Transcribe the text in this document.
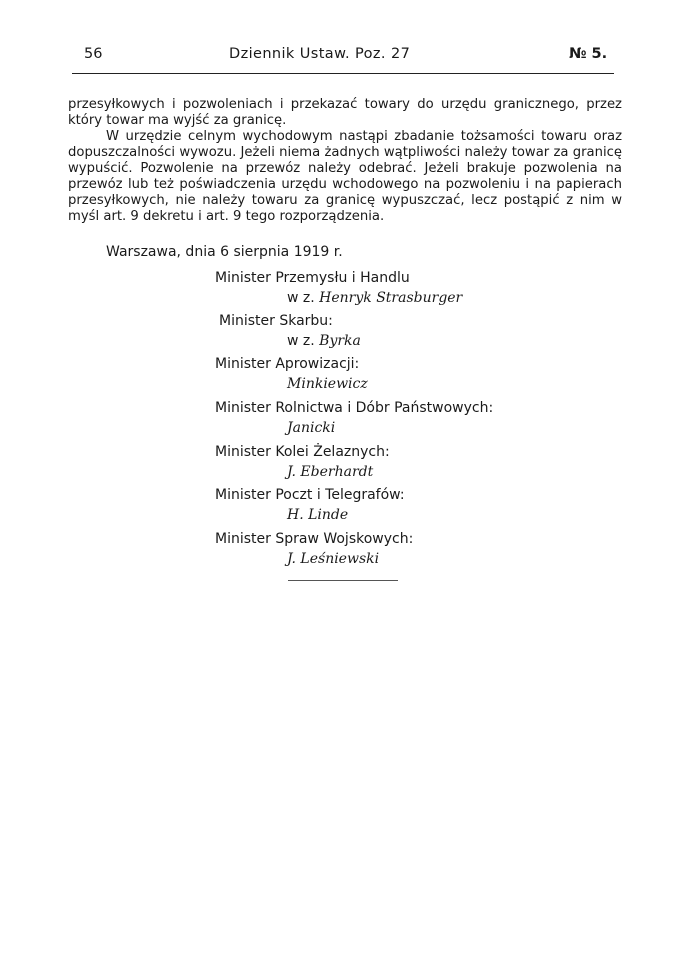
56	Dziennik Ustaw. Poz. 27	№ 5.

przesyłkowych i pozwoleniach i przekazać towary do urzędu granicznego, przez który towar ma wyjść za granicę.

W urzędzie celnym wychodowym nastąpi zbadanie tożsamości towaru oraz dopuszczalności wywozu. Jeżeli niema żadnych wątpliwości należy towar za granicę wypuścić. Pozwolenie na przewóz należy odebrać. Jeżeli brakuje pozwolenia na przewóz lub też poświadczenia urzędu wchodowego na pozwoleniu i na papierach przesyłkowych, nie należy towaru za granicę wypuszczać, lecz postąpić z nim w myśl art. 9 dekretu i art. 9 tego rozporządzenia.

Warszawa, dnia 6 sierpnia 1919 r.
Minister Przemysłu i Handlu
w z. Henryk Strasburger
Minister Skarbu:
w z. Byrka
Minister Aprowizacji:
Minkiewicz
Minister Rolnictwa i Dóbr Państwowych:
Janicki
Minister Kolei Żelaznych:
J. Eberhardt
Minister Poczt i Telegrafów:
H. Linde
Minister Spraw Wojskowych:
J. Leśniewski
